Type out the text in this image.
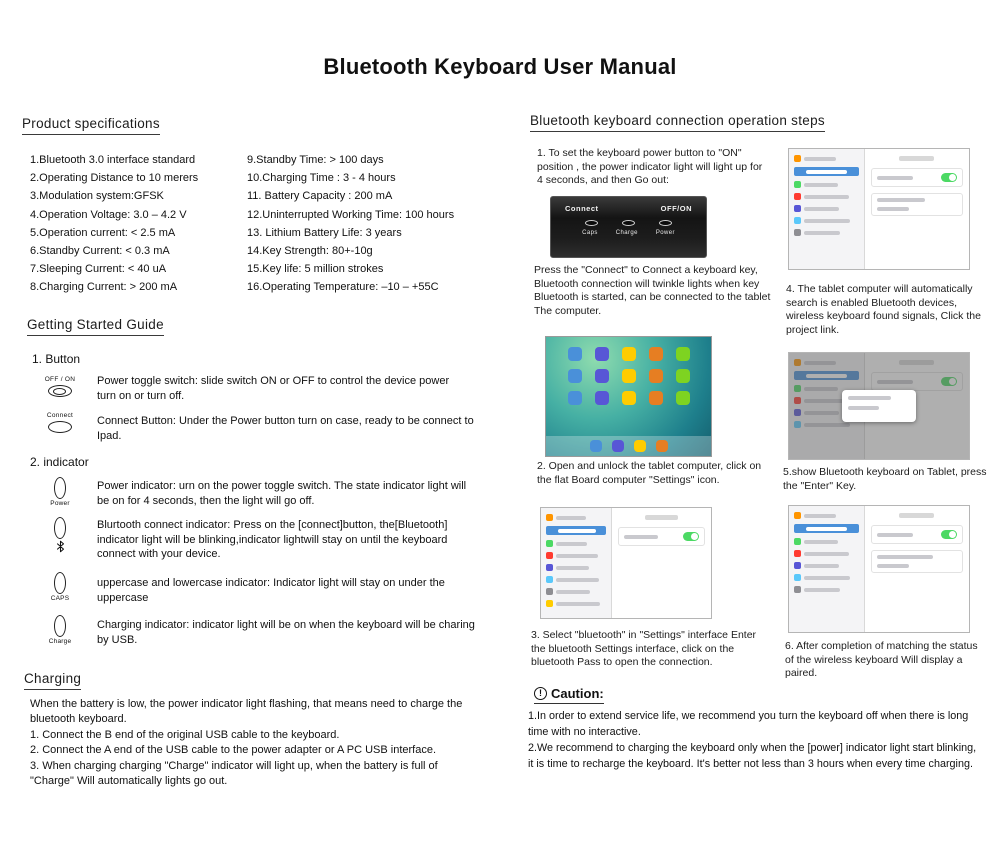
Bluetooth Keyboard User Manual
Product specifications
1.Bluetooth 3.0 interface standard
2.Operating Distance to 10 merers
3.Modulation system:GFSK
4.Operation Voltage: 3.0 – 4.2 V
5.Operation current: < 2.5 mA
6.Standby Current: < 0.3 mA
7.Sleeping Current: < 40 uA
8.Charging Current: > 200 mA
9.Standby Time: > 100 days
10.Charging Time : 3 - 4 hours
11. Battery Capacity : 200 mA
12.Uninterrupted Working Time: 100 hours
13. Lithium Battery Life: 3 years
14.Key Strength: 80+-10g
15.Key life: 5 million strokes
16.Operating Temperature: –10 – +55C
Getting Started Guide
1. Button
OFF / ON	Power toggle switch: slide switch ON or OFF to control the device power turn on or turn off.
Connect	Connect Button: Under the Power button turn on case, ready to be connect to Ipad.
2. indicator
Power
Power indicator: urn on the power toggle switch. The state indicator light will be on for 4 seconds, then the light will go off.
Blurtooth connect indicator: Press on the [connect]button, the[Bluetooth] indicator light will be blinking,indicator lightwill stay on until the keyboard connect with your device.
CAPS
uppercase and lowercase indicator: Indicator light will stay on under the uppercase
Charge
Charging indicator: indicator light will be on when the keyboard will be charing by USB.
Charging

When the battery is low, the power indicator light flashing, that means need to charge the bluetooth keyboard.

1. Connect the B end of the original USB cable to the keyboard.

2. Connect the A end of the USB cable to the power adapter or A PC USB interface.

3. When charging charging "Charge" indicator will light up, when the battery is full of "Charge" Will automatically lights go out.

Bluetooth keyboard connection operation steps
1. To set the keyboard power button to "ON" position , the power indicator light will light up for 4 seconds, and then Go out:
Connect	OFF/ON
Caps	Charge	Power
Press the "Connect" to Connect a keyboard key, Bluetooth connection will twinkle lights when key Bluetooth is started, can be connected to the tablet The computer.
4. The tablet computer will automatically search is enabled Bluetooth devices, wireless keyboard found signals, Click the project link.
2. Open and unlock the tablet computer, click on the flat Board computer "Settings" icon.
5.show Bluetooth keyboard on Tablet, press the "Enter" Key.
3. Select "bluetooth" in "Settings" interface Enter the bluetooth Settings interface, click on the bluetooth Pass to open the connection.
6. After completion of matching the status of the wireless keyboard Will display a paired.
! Caution:

1.In order to extend service life, we recommend you turn the keyboard off when there is long time with no interactive.

2.We recommend to charging the keyboard only when the [power] indicator light start blinking, it is time to recharge the keyboard. It's better not less than 3 hours when every time charging.
